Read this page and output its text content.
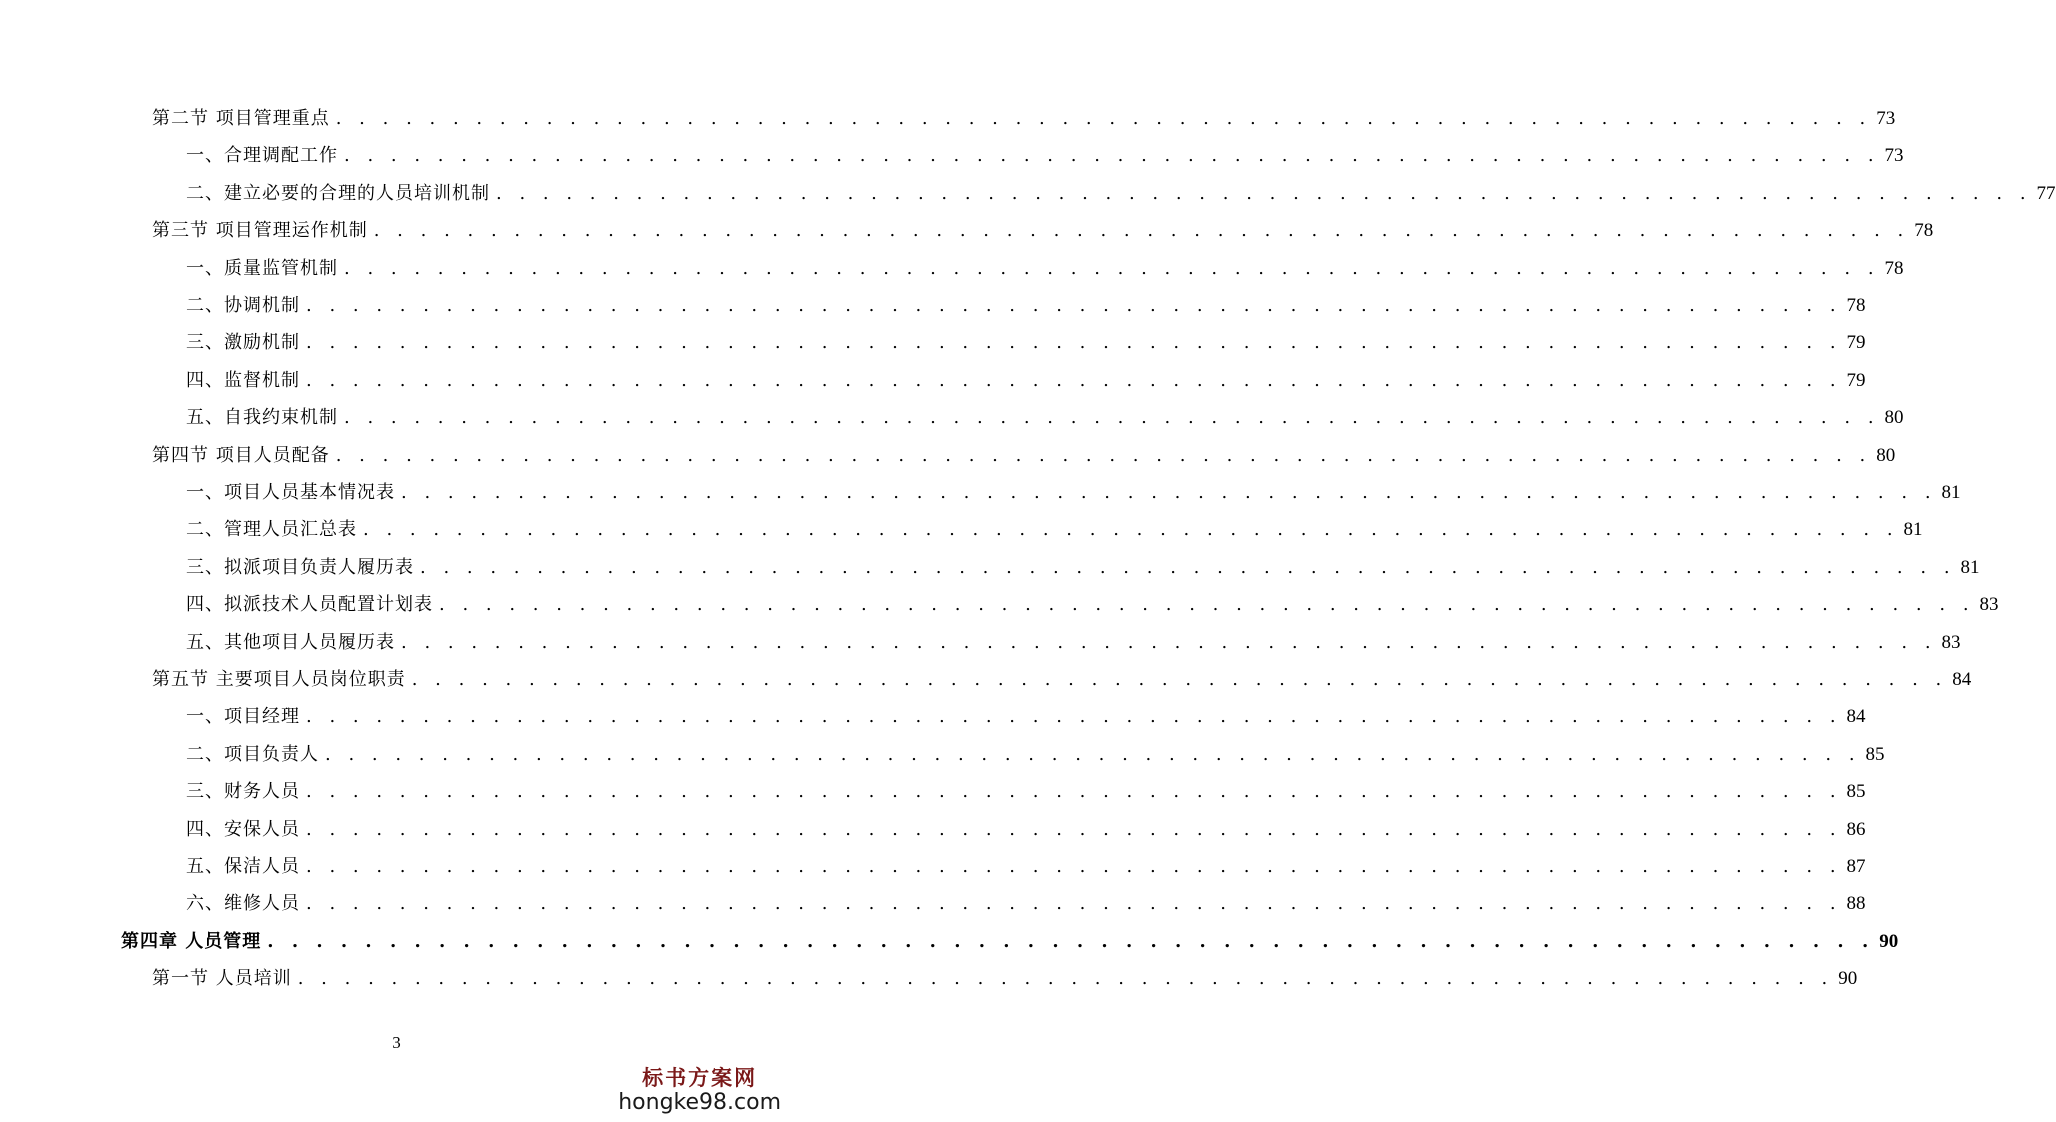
第二节 项目管理重点 . . . . . . . . . . . . . . . . . . . . . . . . . . . . . . . . . . . . . . . . . . . . . . . . . . . . . . . . . . . . . . . . . . 73
一、合理调配工作 . . . . . . . . . . . . . . . . . . . . . . . . . . . . . . . . . . . . . . . . . . . . . . . . . . . . . . . . . . . . . . . . . . 73
二、建立必要的合理的人员培训机制 . . . . . . . . . . . . . . . . . . . . . . . . . . . . . . . . . . . . . . . . . . . . . . . . . . . . . . . . . . . . . . . . . . 77
第三节 项目管理运作机制 . . . . . . . . . . . . . . . . . . . . . . . . . . . . . . . . . . . . . . . . . . . . . . . . . . . . . . . . . . . . . . . . . . 78
一、质量监管机制 . . . . . . . . . . . . . . . . . . . . . . . . . . . . . . . . . . . . . . . . . . . . . . . . . . . . . . . . . . . . . . . . . . 78
二、协调机制 . . . . . . . . . . . . . . . . . . . . . . . . . . . . . . . . . . . . . . . . . . . . . . . . . . . . . . . . . . . . . . . . . . 78
三、激励机制 . . . . . . . . . . . . . . . . . . . . . . . . . . . . . . . . . . . . . . . . . . . . . . . . . . . . . . . . . . . . . . . . . . 79
四、监督机制 . . . . . . . . . . . . . . . . . . . . . . . . . . . . . . . . . . . . . . . . . . . . . . . . . . . . . . . . . . . . . . . . . . 79
五、自我约束机制 . . . . . . . . . . . . . . . . . . . . . . . . . . . . . . . . . . . . . . . . . . . . . . . . . . . . . . . . . . . . . . . . . . 80
第四节 项目人员配备 . . . . . . . . . . . . . . . . . . . . . . . . . . . . . . . . . . . . . . . . . . . . . . . . . . . . . . . . . . . . . . . . . . 80
一、项目人员基本情况表 . . . . . . . . . . . . . . . . . . . . . . . . . . . . . . . . . . . . . . . . . . . . . . . . . . . . . . . . . . . . . . . . . . 81
二、管理人员汇总表 . . . . . . . . . . . . . . . . . . . . . . . . . . . . . . . . . . . . . . . . . . . . . . . . . . . . . . . . . . . . . . . . . . 81
三、拟派项目负责人履历表 . . . . . . . . . . . . . . . . . . . . . . . . . . . . . . . . . . . . . . . . . . . . . . . . . . . . . . . . . . . . . . . . . . 81
四、拟派技术人员配置计划表 . . . . . . . . . . . . . . . . . . . . . . . . . . . . . . . . . . . . . . . . . . . . . . . . . . . . . . . . . . . . . . . . . . 83
五、其他项目人员履历表 . . . . . . . . . . . . . . . . . . . . . . . . . . . . . . . . . . . . . . . . . . . . . . . . . . . . . . . . . . . . . . . . . . 83
第五节 主要项目人员岗位职责 . . . . . . . . . . . . . . . . . . . . . . . . . . . . . . . . . . . . . . . . . . . . . . . . . . . . . . . . . . . . . . . . . . 84
一、项目经理 . . . . . . . . . . . . . . . . . . . . . . . . . . . . . . . . . . . . . . . . . . . . . . . . . . . . . . . . . . . . . . . . . . 84
二、项目负责人 . . . . . . . . . . . . . . . . . . . . . . . . . . . . . . . . . . . . . . . . . . . . . . . . . . . . . . . . . . . . . . . . . . 85
三、财务人员 . . . . . . . . . . . . . . . . . . . . . . . . . . . . . . . . . . . . . . . . . . . . . . . . . . . . . . . . . . . . . . . . . . 85
四、安保人员 . . . . . . . . . . . . . . . . . . . . . . . . . . . . . . . . . . . . . . . . . . . . . . . . . . . . . . . . . . . . . . . . . . 86
五、保洁人员 . . . . . . . . . . . . . . . . . . . . . . . . . . . . . . . . . . . . . . . . . . . . . . . . . . . . . . . . . . . . . . . . . . 87
六、维修人员 . . . . . . . . . . . . . . . . . . . . . . . . . . . . . . . . . . . . . . . . . . . . . . . . . . . . . . . . . . . . . . . . . . 88
第四章 人员管理 . . . . . . . . . . . . . . . . . . . . . . . . . . . . . . . . . . . . . . . . . . . . . . . . . . . . . . . . . . . . . . . . . . 90
第一节 人员培训 . . . . . . . . . . . . . . . . . . . . . . . . . . . . . . . . . . . . . . . . . . . . . . . . . . . . . . . . . . . . . . . . . . 90
3
标书方案网
hongke98.com
